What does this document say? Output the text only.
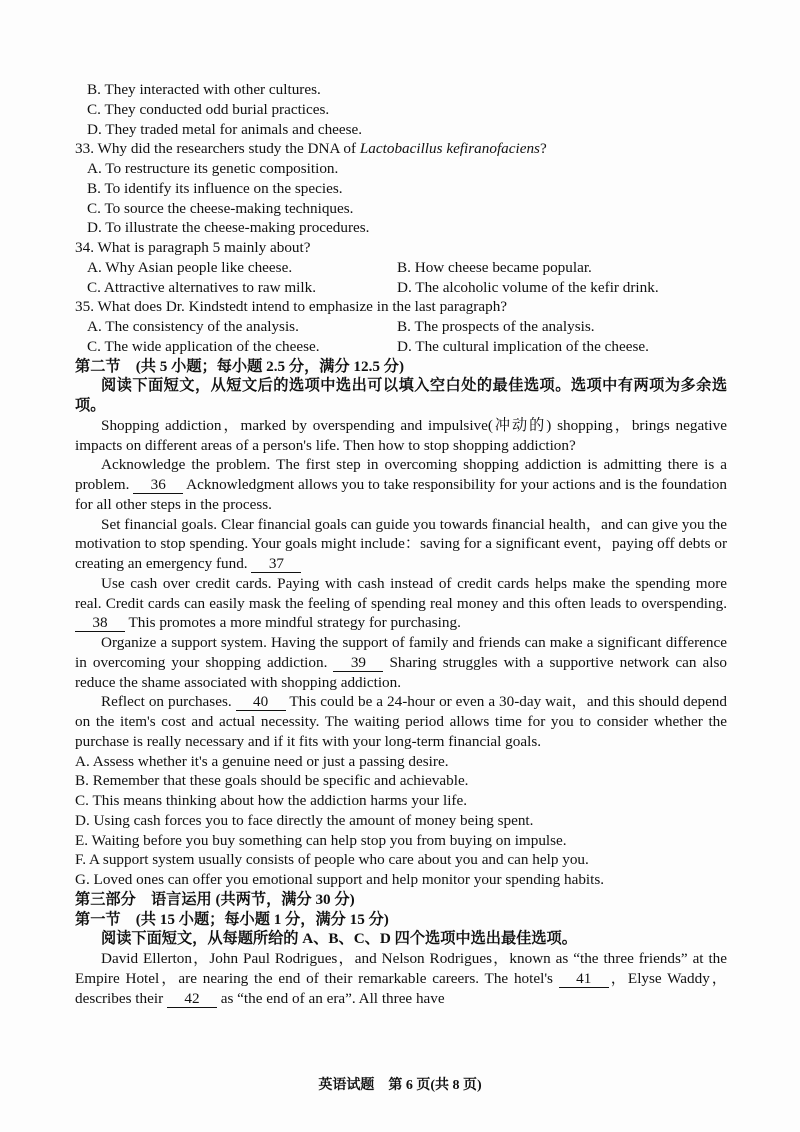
B. They interacted with other cultures.
C. They conducted odd burial practices.
D. They traded metal for animals and cheese.
33. Why did the researchers study the DNA of Lactobacillus kefiranofaciens?
A. To restructure its genetic composition.
B. To identify its influence on the species.
C. To source the cheese-making techniques.
D. To illustrate the cheese-making procedures.
34. What is paragraph 5 mainly about?
A. Why Asian people like cheese.	B. How cheese became popular.
C. Attractive alternatives to raw milk.	D. The alcoholic volume of the kefir drink.
35. What does Dr. Kindstedt intend to emphasize in the last paragraph?
A. The consistency of the analysis.	B. The prospects of the analysis.
C. The wide application of the cheese.	D. The cultural implication of the cheese.
第二节　(共 5 小题；每小题 2.5 分，满分 12.5 分)
阅读下面短文，从短文后的选项中选出可以填入空白处的最佳选项。选项中有两项为多余选项。
Shopping addiction，marked by overspending and impulsive(冲动的) shopping，brings negative impacts on different areas of a person's life. Then how to stop shopping addiction?
Acknowledge the problem. The first step in overcoming shopping addiction is admitting there is a problem. 36 Acknowledgment allows you to take responsibility for your actions and is the foundation for all other steps in the process.
Set financial goals. Clear financial goals can guide you towards financial health，and can give you the motivation to stop spending. Your goals might include：saving for a significant event，paying off debts or creating an emergency fund. 37
Use cash over credit cards. Paying with cash instead of credit cards helps make the spending more real. Credit cards can easily mask the feeling of spending real money and this often leads to overspending. 38 This promotes a more mindful strategy for purchasing.
Organize a support system. Having the support of family and friends can make a significant difference in overcoming your shopping addiction. 39 Sharing struggles with a supportive network can also reduce the shame associated with shopping addiction.
Reflect on purchases. 40 This could be a 24-hour or even a 30-day wait，and this should depend on the item's cost and actual necessity. The waiting period allows time for you to consider whether the purchase is really necessary and if it fits with your long-term financial goals.
A. Assess whether it's a genuine need or just a passing desire.
B. Remember that these goals should be specific and achievable.
C. This means thinking about how the addiction harms your life.
D. Using cash forces you to face directly the amount of money being spent.
E. Waiting before you buy something can help stop you from buying on impulse.
F. A support system usually consists of people who care about you and can help you.
G. Loved ones can offer you emotional support and help monitor your spending habits.
第三部分　语言运用 (共两节，满分 30 分)
第一节　(共 15 小题；每小题 1 分，满分 15 分)
阅读下面短文，从每题所给的 A、B、C、D 四个选项中选出最佳选项。
David Ellerton，John Paul Rodrigues，and Nelson Rodrigues，known as “the three friends” at the Empire Hotel，are nearing the end of their remarkable careers. The hotel's 41 ，Elyse Waddy，describes their 42 as “the end of an era”. All three have
英语试题　第 6 页(共 8 页)
